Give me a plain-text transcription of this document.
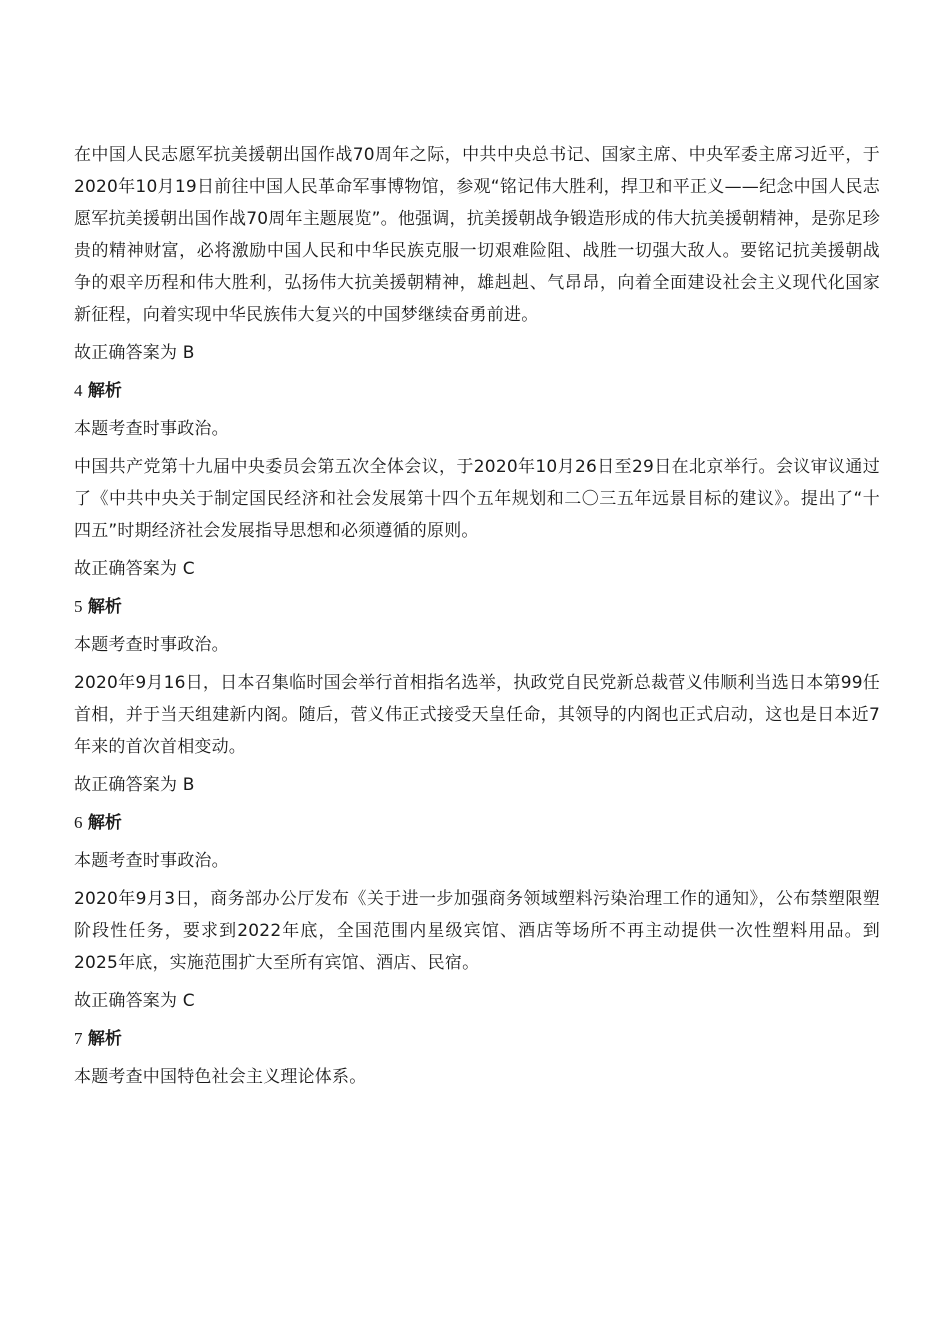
在中国人民志愿军抗美援朝出国作战70周年之际，中共中央总书记、国家主席、中央军委主席习近平，于2020年10月19日前往中国人民革命军事博物馆，参观“铭记伟大胜利，捍卫和平正义——纪念中国人民志愿军抗美援朝出国作战70周年主题展览”。他强调，抗美援朝战争锻造形成的伟大抗美援朝精神，是弥足珍贵的精神财富，必将激励中国人民和中华民族克服一切艰难险阻、战胜一切强大敌人。要铭记抗美援朝战争的艰辛历程和伟大胜利，弘扬伟大抗美援朝精神，雄赳赳、气昂昂，向着全面建设社会主义现代化国家新征程，向着实现中华民族伟大复兴的中国梦继续奋勇前进。

故正确答案为 B

4 解析

本题考查时事政治。

中国共产党第十九届中央委员会第五次全体会议，于2020年10月26日至29日在北京举行。会议审议通过了《中共中央关于制定国民经济和社会发展第十四个五年规划和二〇三五年远景目标的建议》。提出了“十四五”时期经济社会发展指导思想和必须遵循的原则。

故正确答案为 C

5 解析

本题考查时事政治。

2020年9月16日，日本召集临时国会举行首相指名选举，执政党自民党新总裁菅义伟顺利当选日本第99任首相，并于当天组建新内阁。随后，菅义伟正式接受天皇任命，其领导的内阁也正式启动，这也是日本近7年来的首次首相变动。

故正确答案为 B

6 解析

本题考查时事政治。

2020年9月3日，商务部办公厅发布《关于进一步加强商务领域塑料污染治理工作的通知》，公布禁塑限塑阶段性任务，要求到2022年底，全国范围内星级宾馆、酒店等场所不再主动提供一次性塑料用品。到2025年底，实施范围扩大至所有宾馆、酒店、民宿。

故正确答案为 C

7 解析

本题考查中国特色社会主义理论体系。
